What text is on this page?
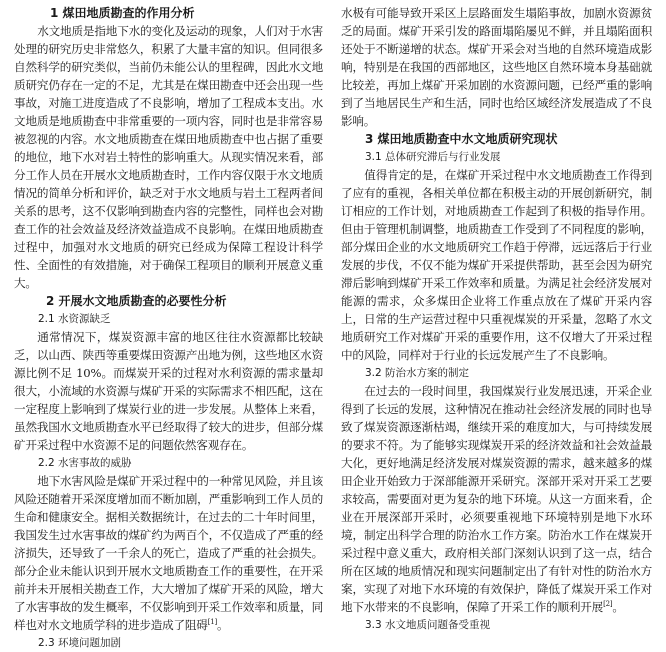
1 煤田地质勘查的作用分析

水文地质是指地下水的变化及运动的现象，人们对于水害处理的研究历史非常悠久，积累了大量丰富的知识。但同很多自然科学的研究类似，当前仍未能公认的里程碑，因此水文地质研究仍存在一定的不足，尤其是在煤田勘查中还会出现一些事故，对施工进度造成了不良影响，增加了工程成本支出。水文地质是地质勘查中非常重要的一项内容，同时也是非常容易被忽视的内容。水文地质勘查在煤田地质勘查中也占据了重要的地位，地下水对岩土特性的影响重大。从现实情况来看，部分工作人员在开展水文地质勘查时，工作内容仅限于水文地质情况的简单分析和评价，缺乏对于水文地质与岩土工程两者间关系的思考，这不仅影响到勘查内容的完整性，同样也会对勘查工作的社会效益及经济效益造成不良影响。在煤田地质勘查过程中，加强对水文地质的研究已经成为保障工程设计科学性、全面性的有效措施，对于确保工程项目的顺利开展意义重大。

2 开展水文地质勘查的必要性分析
2.1 水资源缺乏

通常情况下，煤炭资源丰富的地区往往水资源都比较缺乏，以山西、陕西等重要煤田资源产出地为例，这些地区水资源比例不足 10%。而煤炭开采的过程对水利资源的需求量却很大，小流域的水资源与煤矿开采的实际需求不相匹配，这在一定程度上影响到了煤炭行业的进一步发展。从整体上来看，虽然我国水文地质勘查水平已经取得了较大的进步，但部分煤矿开采过程中水资源不足的问题依然客观存在。

2.2 水害事故的威胁

地下水害风险是煤矿开采过程中的一种常见风险，并且该风险还随着开采深度增加而不断加剧，严重影响到工作人员的生命和健康安全。据相关数据统计，在过去的二十年时间里，我国发生过水害事故的煤矿约为两百个，不仅造成了严重的经济损失，还导致了一千余人的死亡，造成了严重的社会损失。部分企业未能认识到开展水文地质勘查工作的重要性，在开采前并未开展相关勘查工作，大大增加了煤矿开采的风险，增大了水害事故的发生概率，不仅影响到开采工作效率和质量，同样也对水文地质学科的进步造成了阻碍[1]。

2.3 环境问题加剧

水极有可能导致开采区上层路面发生塌陷事故，加剧水资源贫乏的局面。煤矿开采引发的路面塌陷屡见不鲜，并且塌陷面积还处于不断递增的状态。煤矿开采会对当地的自然环境造成影响，特别是在我国的西部地区，这些地区自然环境本身基础就比较差，再加上煤矿开采加剧的水资源问题，已经严重的影响到了当地居民生产和生活，同时也给区域经济发展造成了不良影响。

3 煤田地质勘查中水文地质研究现状
3.1 总体研究滞后与行业发展

值得肯定的是，在煤矿开采过程中水文地质勘查工作得到了应有的重视，各相关单位都在积极主动的开展创新研究，制订相应的工作计划，对地质勘查工作起到了积极的指导作用。但由于管理机制调整，地质勘查工作受到了不同程度的影响，部分煤田企业的水文地质研究工作趋于停滞，远远落后于行业发展的步伐，不仅不能为煤矿开采提供帮助，甚至会因为研究滞后影响到煤矿开采工作效率和质量。为满足社会经济发展对能源的需求，众多煤田企业将工作重点放在了煤矿开采内容上，日常的生产运营过程中只重视煤炭的开采量，忽略了水文地质研究工作对煤矿开采的重要作用，这不仅增大了开采过程中的风险，同样对于行业的长远发展产生了不良影响。

3.2 防治水方案的制定

在过去的一段时间里，我国煤炭行业发展迅速，开采企业得到了长远的发展，这种情况在推动社会经济发展的同时也导致了煤炭资源逐渐枯竭，继续开采的难度加大，与可持续发展的要求不符。为了能够实现煤炭开采的经济效益和社会效益最大化，更好地满足经济发展对煤炭资源的需求，越来越多的煤田企业开始致力于深部能源开采研究。深部开采对开采工艺要求较高，需要面对更为复杂的地下环境。从这一方面来看，企业在开展深部开采时，必须要重视地下环境特别是地下水环境，制定出科学合理的防治水工作方案。防治水工作在煤炭开采过程中意义重大，政府相关部门深刻认识到了这一点，结合所在区域的地质情况和现实问题制定出了有针对性的防治水方案，实现了对地下水环境的有效保护，降低了煤炭开采工作对地下水带来的不良影响，保障了开采工作的顺利开展[2]。

3.3 水文地质问题备受重视
